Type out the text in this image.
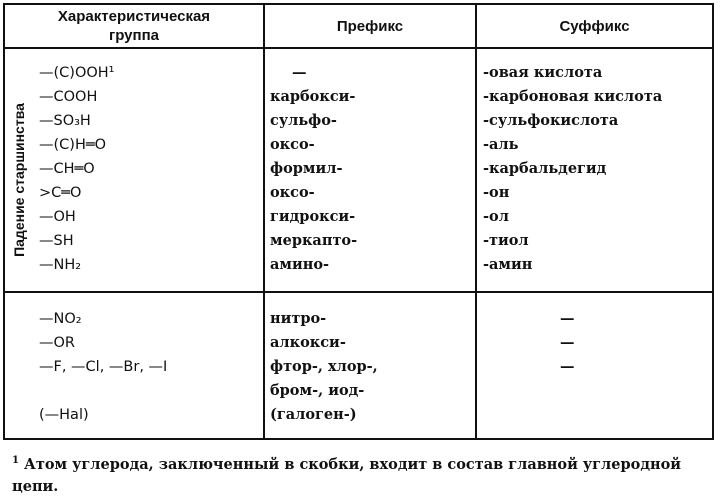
Характеристическая
группа
Префикс	Суффикс
Падение старшинства
—(C)OOH¹
—COOH
—SO₃H
—(C)H═O
—CH═O
>C═O
—OH
—SH
—NH₂
—
карбокси-
сульфо-
оксо-
формил-
оксо-
гидрокси-
меркапто-
амино-
-овая кислота
-карбоновая кислота
-сульфокислота
-аль
-карбальдегид
-он
-ол
-тиол
-амин
—NO₂
—OR
—F, —Cl, —Br, —I
(—Hal)
нитро-
алкокси-
фтор-, хлор-,
бром-, иод-
(галоген-)
—
—
—
$^1$ Атом углерода, заключенный в скобки, входит в состав главной углеродной цепи.
